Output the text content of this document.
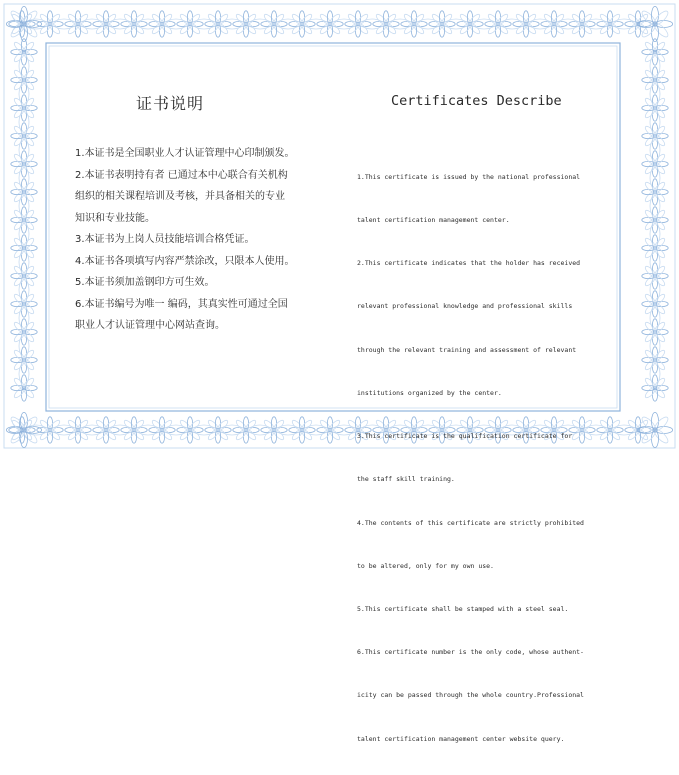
证书说明	Certificates Describe
1.本证书是全国职业人才认证管理中心印制颁发。
2.本证书表明持有者 已通过本中心联合有关机构
组织的相关课程培训及考核，并具备相关的专业
知识和专业技能。
3.本证书为上岗人员技能培训合格凭证。
4.本证书各项填写内容严禁涂改，只限本人使用。
5.本证书须加盖钢印方可生效。
6.本证书编号为唯一 编码，其真实性可通过全国
职业人才认证管理中心网站查询。

1.This certificate is issued by the national professional

talent certification management center.

2.This certificate indicates that the holder has received

relevant professional knowledge and professional skills

through the relevant training and assessment of relevant

institutions organized by the center.

3.This certificate is the qualification certificate for

the staff skill training.

4.The contents of this certificate are strictly prohibited

to be altered, only for my own use.

5.This certificate shall be stamped with a steel seal.

6.This certificate number is the only code, whose authent-

icity can be passed through the whole country.Professional

talent certification management center website query.
